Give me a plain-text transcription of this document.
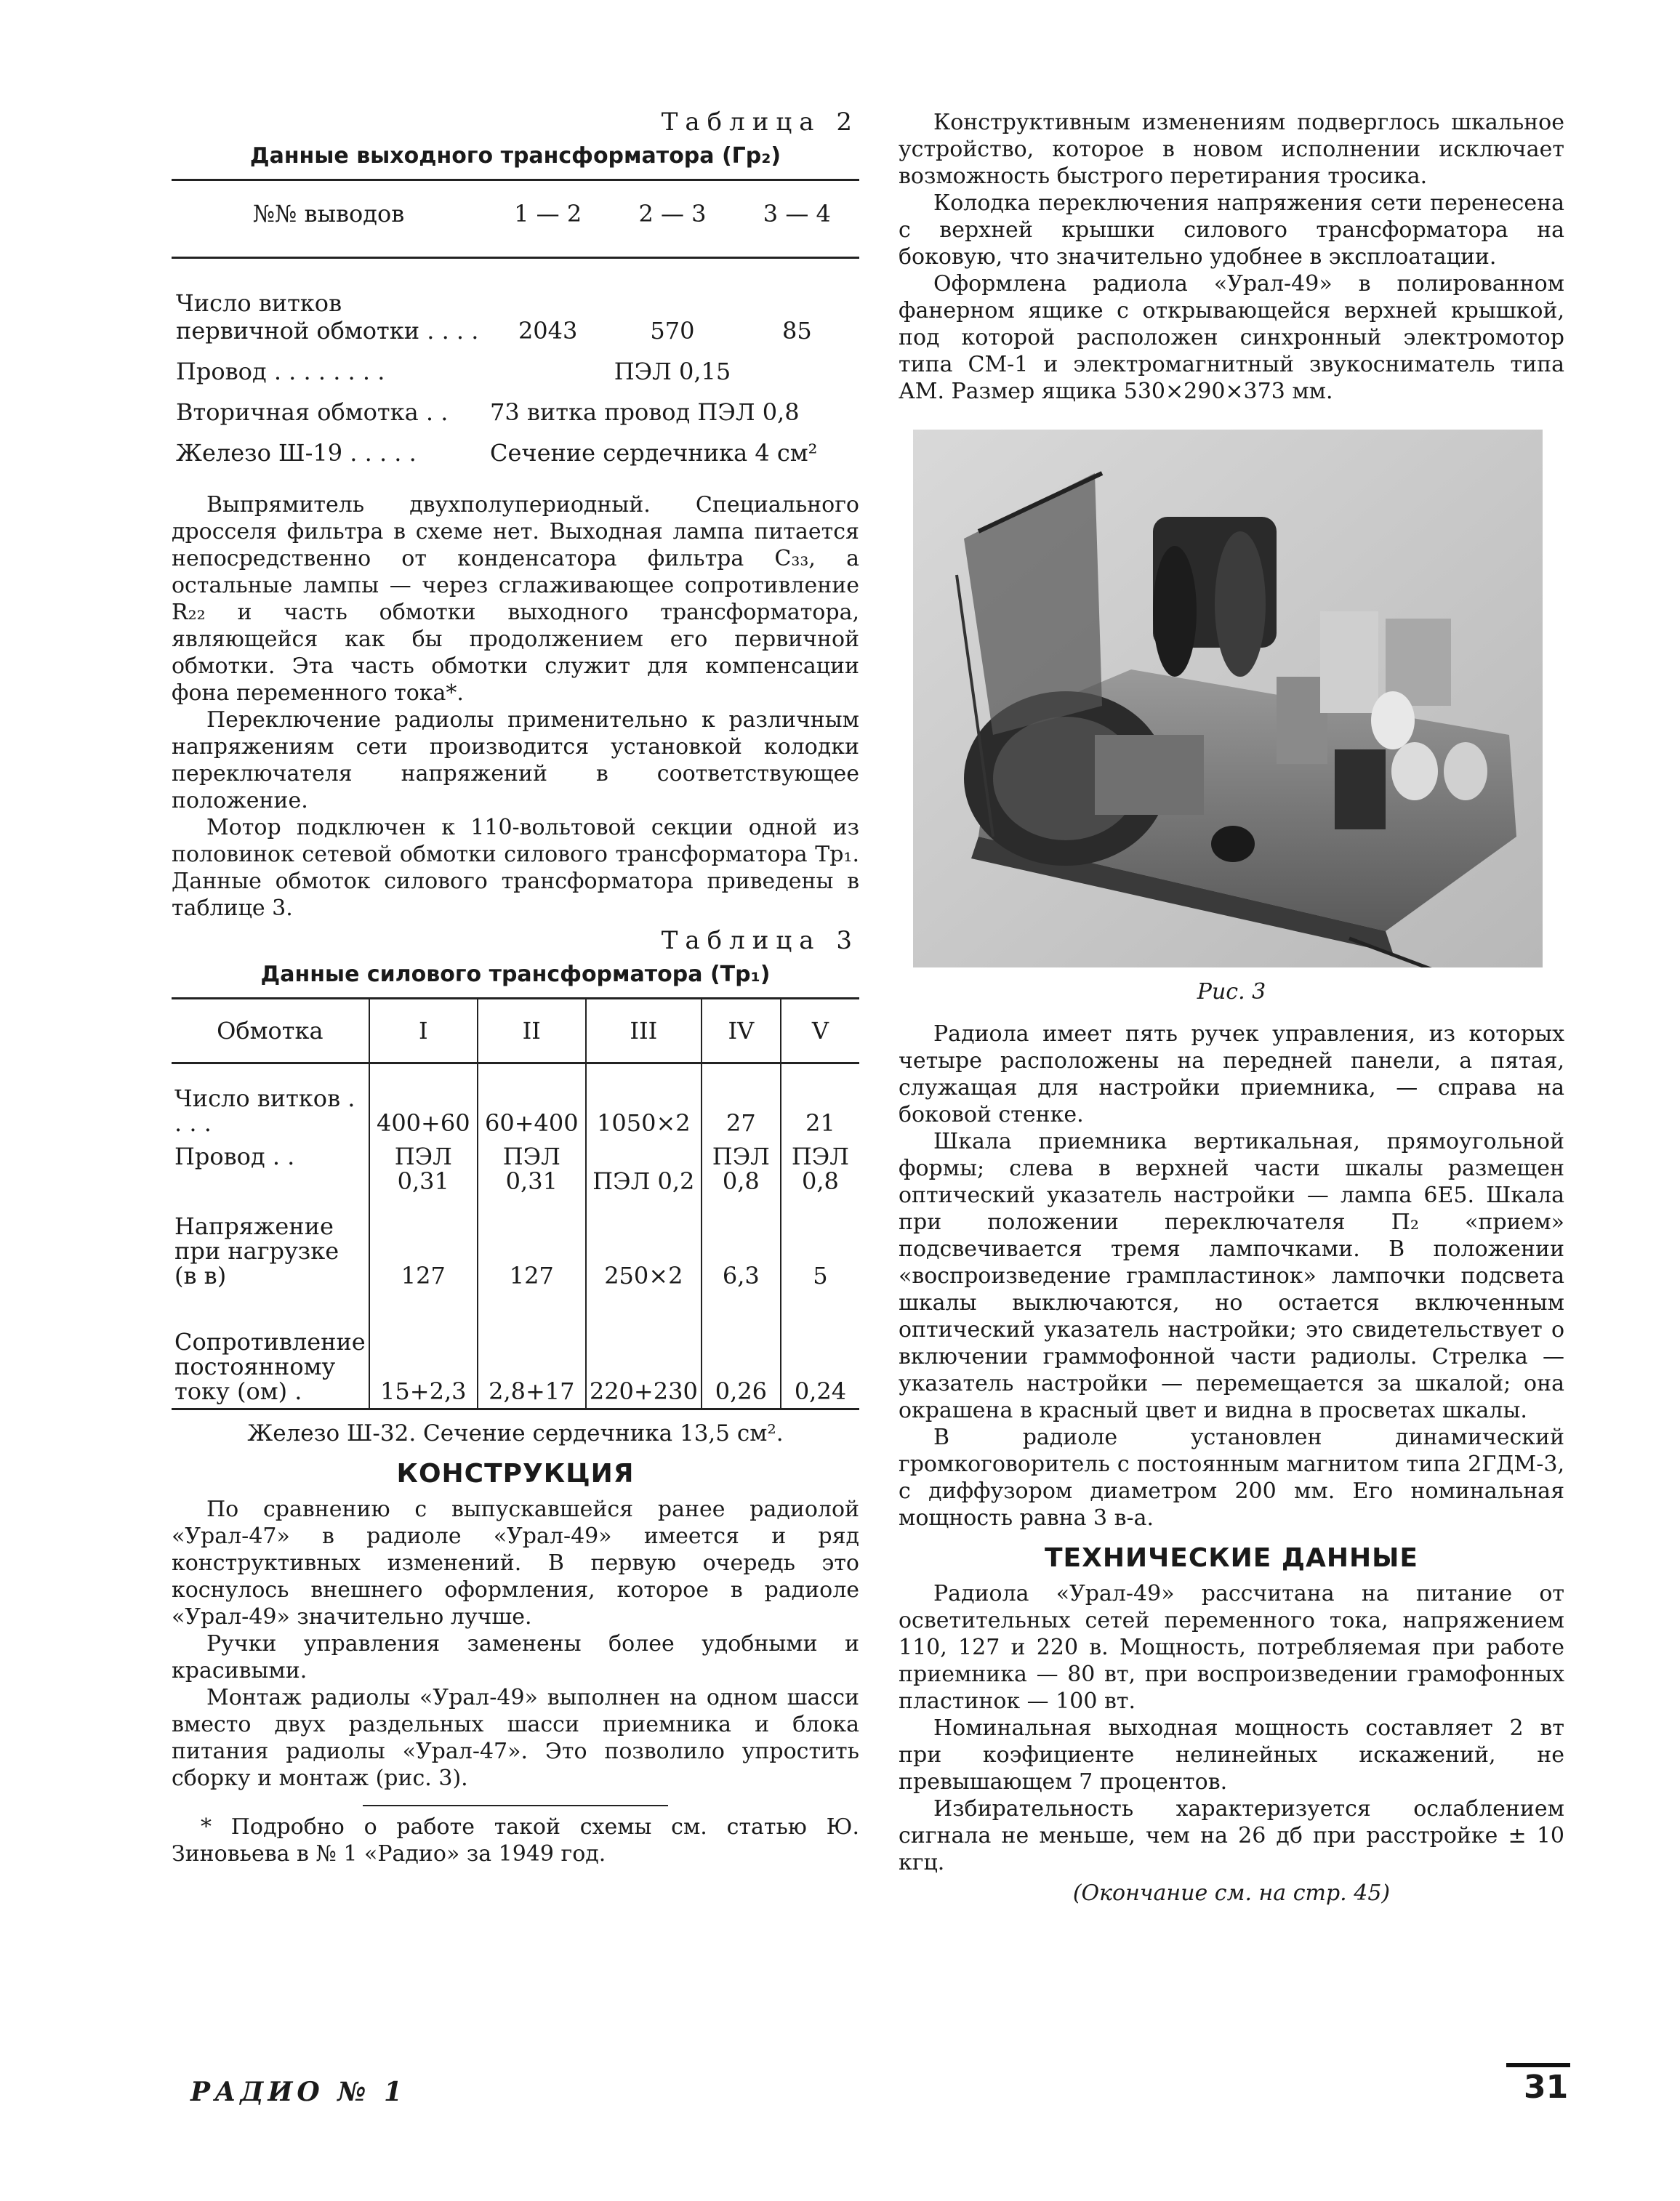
Таблица 2

Данные выходного трансформатора (Гр₂)
№№ выводов	1 — 2	2 — 3	3 — 4

Число витков первичной обмотки . . . .	2043	570	85
Провод . . . . . . . .	ПЭЛ 0,15		
Вторичная обмотка . .	73 витка провод ПЭЛ 0,8		
Железо Ш-19 . . . . .	Сечение сердечника 4 см²		

Выпрямитель двухполупериодный. Специального дросселя фильтра в схеме нет. Выходная лампа питается непосредственно от конденсатора фильтра C₃₃, а остальные лампы — через сглаживающее сопротивление R₂₂ и часть обмотки выходного трансформатора, являющейся как бы продолжением его первичной обмотки. Эта часть обмотки служит для компенсации фона переменного тока*.

Переключение радиолы применительно к различным напряжениям сети производится установкой колодки переключателя напряжений в соответствующее положение.

Мотор подключен к 110-вольтовой секции одной из половинок сетевой обмотки силового трансформатора Тр₁. Данные обмоток силового трансформатора приведены в таблице 3.

Таблица 3

Данные силового трансформатора (Тр₁)
Обмотка	I	II	III	IV	V

Число витков . . . .	400+60	60+400	1050×2	27	21
Провод . .	ПЭЛ 0,31	ПЭЛ 0,31	ПЭЛ 0,2	ПЭЛ 0,8	ПЭЛ 0,8
Напряжение при нагрузке (в в)	127	127	250×2	6,3	5
Сопротивление постоянному току (ом) .	15+2,3	2,8+17	220+230	0,26	0,24

Железо Ш-32. Сечение сердечника 13,5 см².

КОНСТРУКЦИЯ

По сравнению с выпускавшейся ранее радиолой «Урал-47» в радиоле «Урал-49» имеется и ряд конструктивных изменений. В первую очередь это коснулось внешнего оформления, которое в радиоле «Урал-49» значительно лучше.

Ручки управления заменены более удобными и красивыми.

Монтаж радиолы «Урал-49» выполнен на одном шасси вместо двух раздельных шасси приемника и блока питания радиолы «Урал-47». Это позволило упростить сборку и монтаж (рис. 3).

* Подробно о работе такой схемы см. статью Ю. Зиновьева в № 1 «Радио» за 1949 год.

Конструктивным изменениям подверглось шкальное устройство, которое в новом исполнении исключает возможность быстрого перетирания тросика.

Колодка переключения напряжения сети перенесена с верхней крышки силового трансформатора на боковую, что значительно удобнее в эксплоатации.

Оформлена радиола «Урал-49» в полированном фанерном ящике с открывающейся верхней крышкой, под которой расположен синхронный электромотор типа СМ-1 и электромагнитный звукосниматель типа АМ. Размер ящика 530×290×373 мм.

Рис. 3

Радиола имеет пять ручек управления, из которых четыре расположены на передней панели, а пятая, служащая для настройки приемника, — справа на боковой стенке.

Шкала приемника вертикальная, прямоугольной формы; слева в верхней части шкалы размещен оптический указатель настройки — лампа 6Е5. Шкала при положении переключателя П₂ «прием» подсвечивается тремя лампочками. В положении «воспроизведение грампластинок» лампочки подсвета шкалы выключаются, но остается включенным оптический указатель настройки; это свидетельствует о включении граммофонной части радиолы. Стрелка — указатель настройки — перемещается за шкалой; она окрашена в красный цвет и видна в просветах шкалы.

В радиоле установлен динамический громкоговоритель с постоянным магнитом типа 2ГДМ-3, с диффузором диаметром 200 мм. Его номинальная мощность равна 3 в-а.

ТЕХНИЧЕСКИЕ ДАННЫЕ

Радиола «Урал-49» рассчитана на питание от осветительных сетей переменного тока, напряжением 110, 127 и 220 в. Мощность, потребляемая при работе приемника — 80 вт, при воспроизведении грамофонных пластинок — 100 вт.

Номинальная выходная мощность составляет 2 вт при коэфициенте нелинейных искажений, не превышающем 7 процентов.

Избирательность характеризуется ослаблением сигнала не меньше, чем на 26 дб при расстройке ± 10 кгц.

(Окончание см. на стр. 45)

РАДИО № 1	31
